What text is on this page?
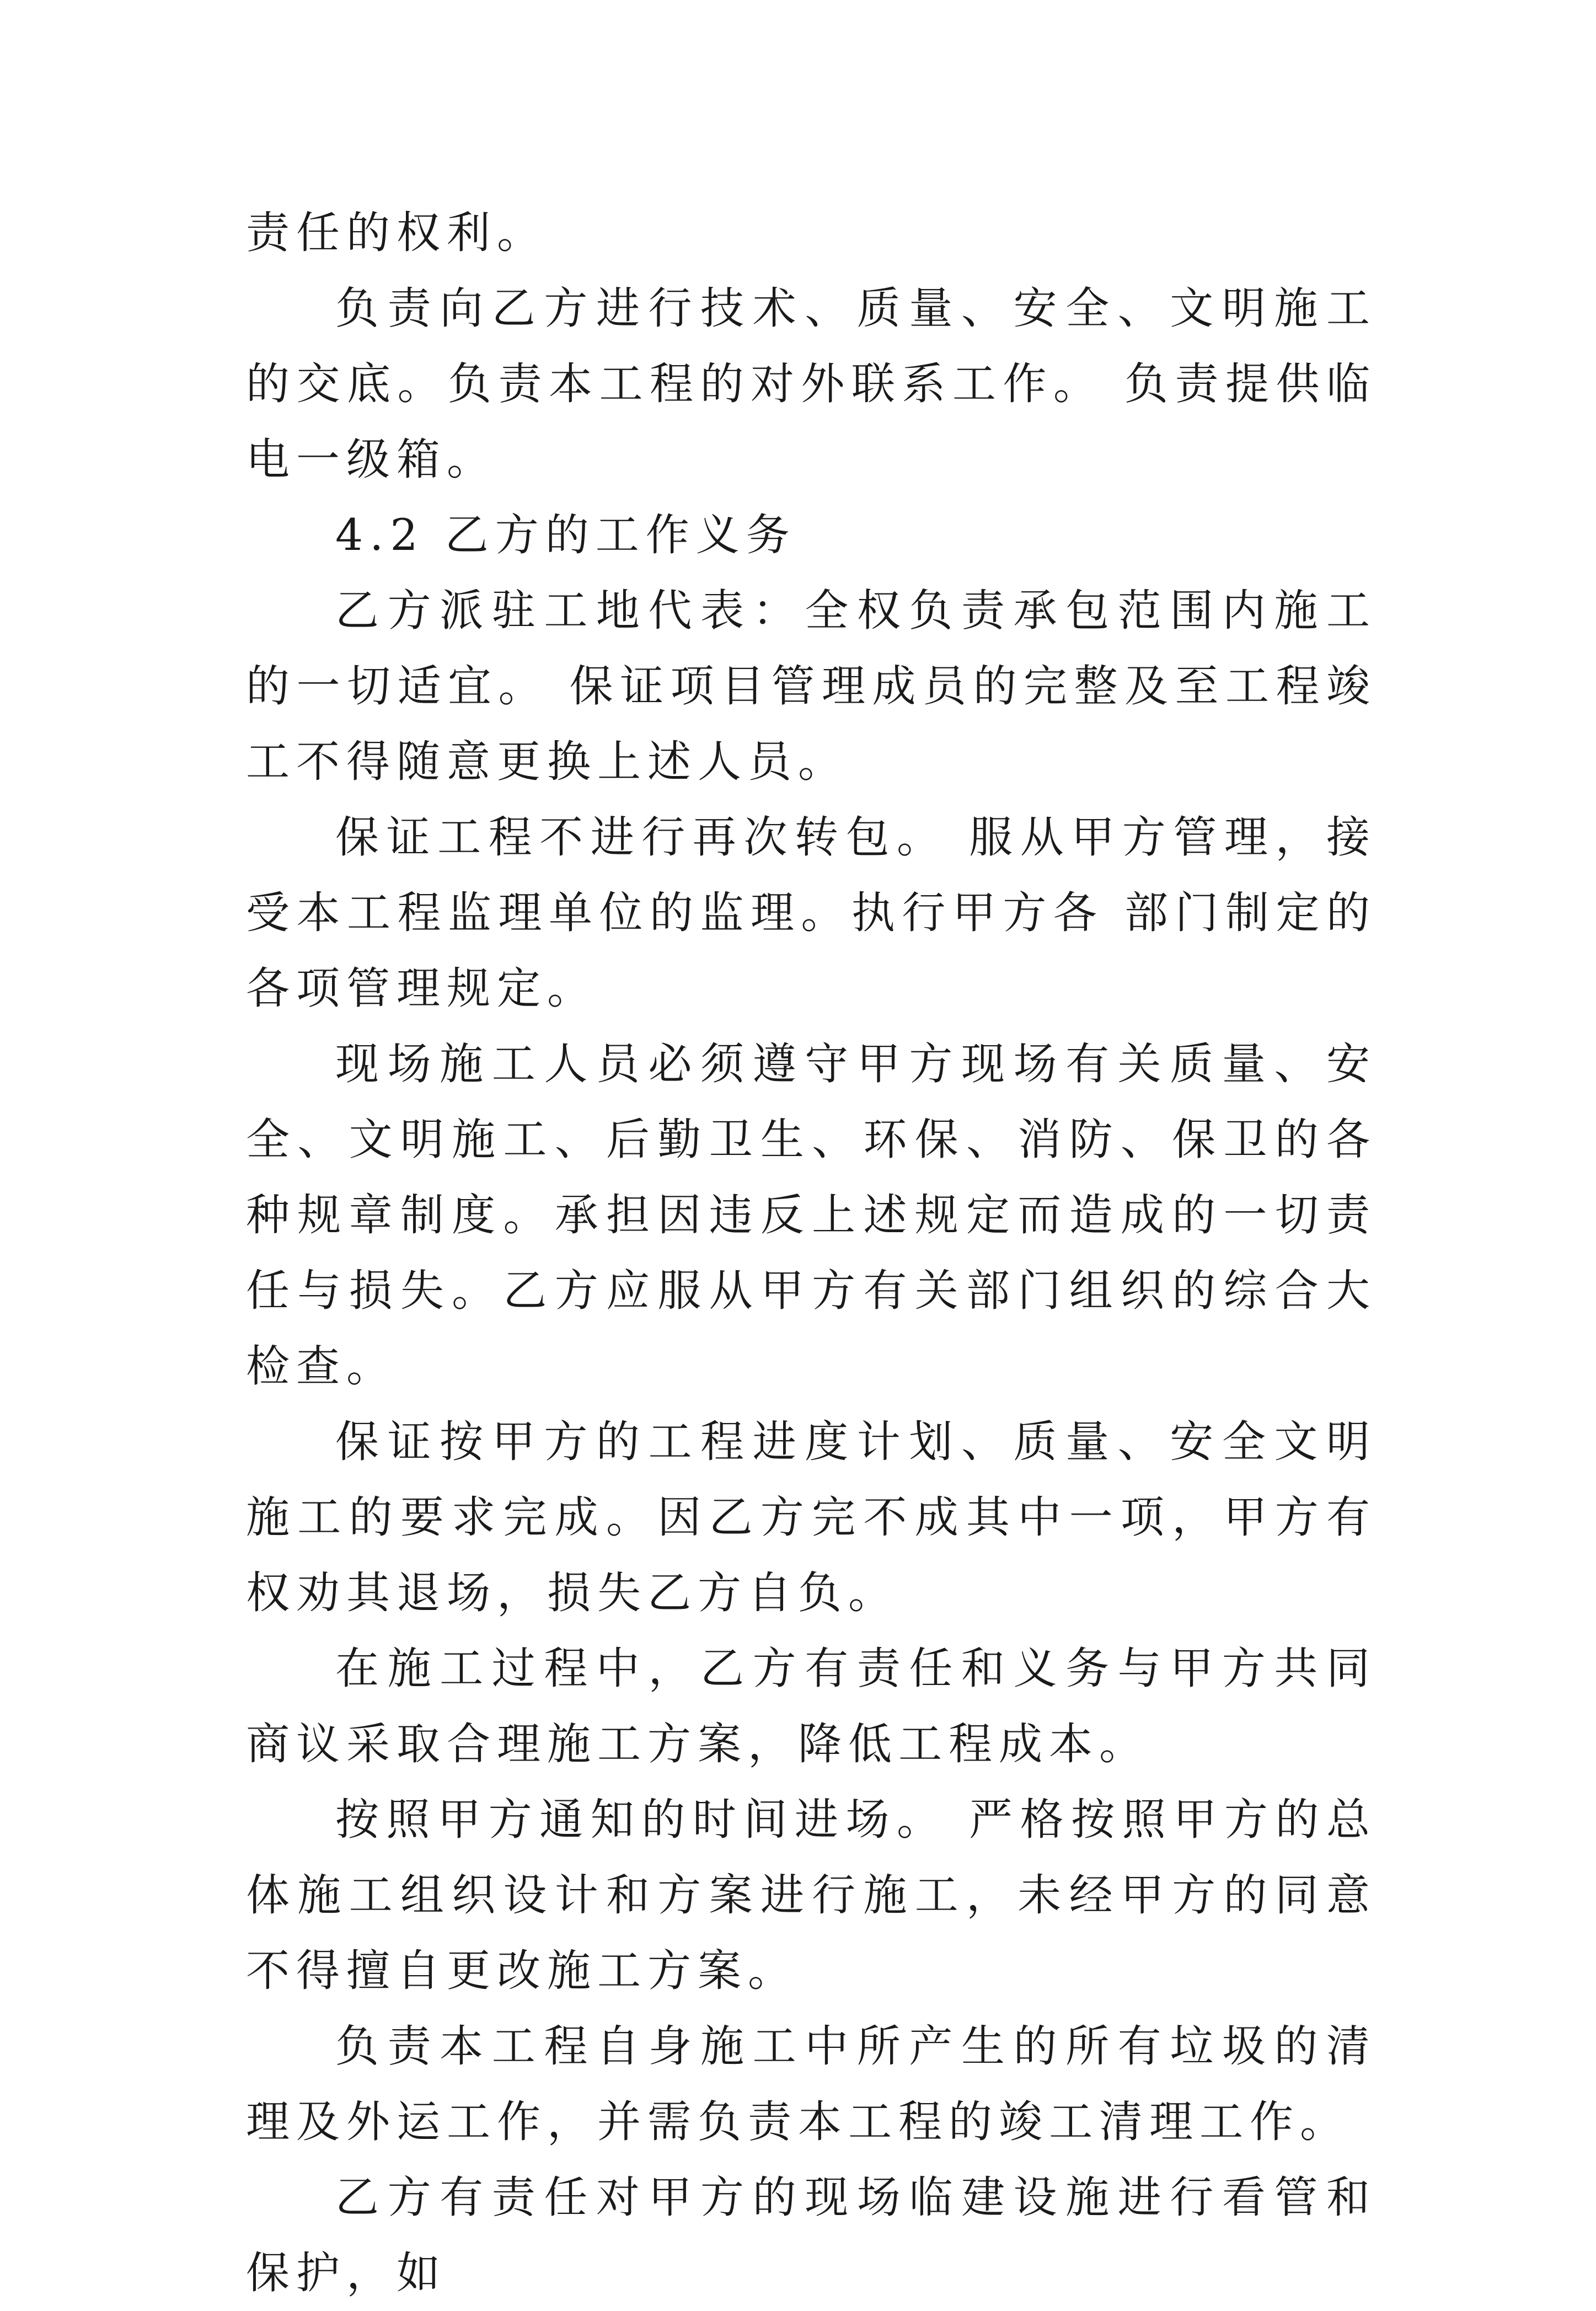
责任的权利。

负责向乙方进行技术、质量、安全、文明施工的交底。负责本工程的对外联系工作。 负责提供临电一级箱。

4.2 乙方的工作义务

乙方派驻工地代表：全权负责承包范围内施工的一切适宜。 保证项目管理成员的完整及至工程竣工不得随意更换上述人员。

保证工程不进行再次转包。 服从甲方管理，接受本工程监理单位的监理。执行甲方各 部门制定的各项管理规定。

现场施工人员必须遵守甲方现场有关质量、安全、文明施工、后勤卫生、环保、消防、保卫的各种规章制度。承担因违反上述规定而造成的一切责任与损失。乙方应服从甲方有关部门组织的综合大检查。

保证按甲方的工程进度计划、质量、安全文明施工的要求完成。因乙方完不成其中一项，甲方有权劝其退场，损失乙方自负。

在施工过程中，乙方有责任和义务与甲方共同商议采取合理施工方案，降低工程成本。

按照甲方通知的时间进场。 严格按照甲方的总体施工组织设计和方案进行施工，未经甲方的同意不得擅自更改施工方案。

负责本工程自身施工中所产生的所有垃圾的清理及外运工作，并需负责本工程的竣工清理工作。

乙方有责任对甲方的现场临建设施进行看管和保护，如
